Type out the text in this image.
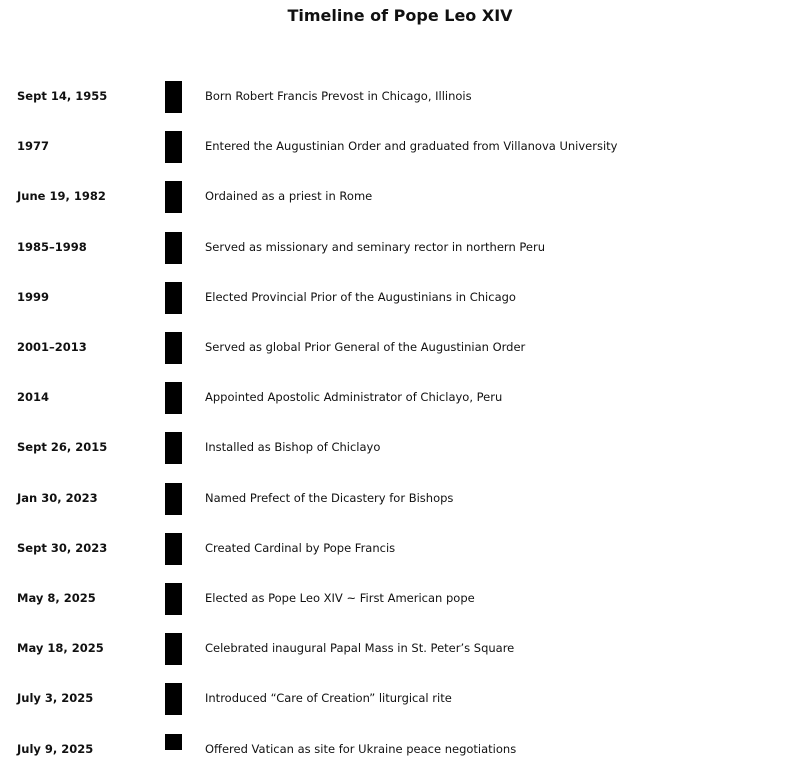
Timeline of Pope Leo XIV
Sept 14, 1955	Born Robert Francis Prevost in Chicago, Illinois
1977	Entered the Augustinian Order and graduated from Villanova University
June 19, 1982	Ordained as a priest in Rome
1985–1998	Served as missionary and seminary rector in northern Peru
1999	Elected Provincial Prior of the Augustinians in Chicago
2001–2013	Served as global Prior General of the Augustinian Order
2014	Appointed Apostolic Administrator of Chiclayo, Peru
Sept 26, 2015	Installed as Bishop of Chiclayo
Jan 30, 2023	Named Prefect of the Dicastery for Bishops
Sept 30, 2023	Created Cardinal by Pope Francis
May 8, 2025	Elected as Pope Leo XIV ~ First American pope
May 18, 2025	Celebrated inaugural Papal Mass in St. Peter’s Square
July 3, 2025	Introduced “Care of Creation” liturgical rite
July 9, 2025	Offered Vatican as site for Ukraine peace negotiations
